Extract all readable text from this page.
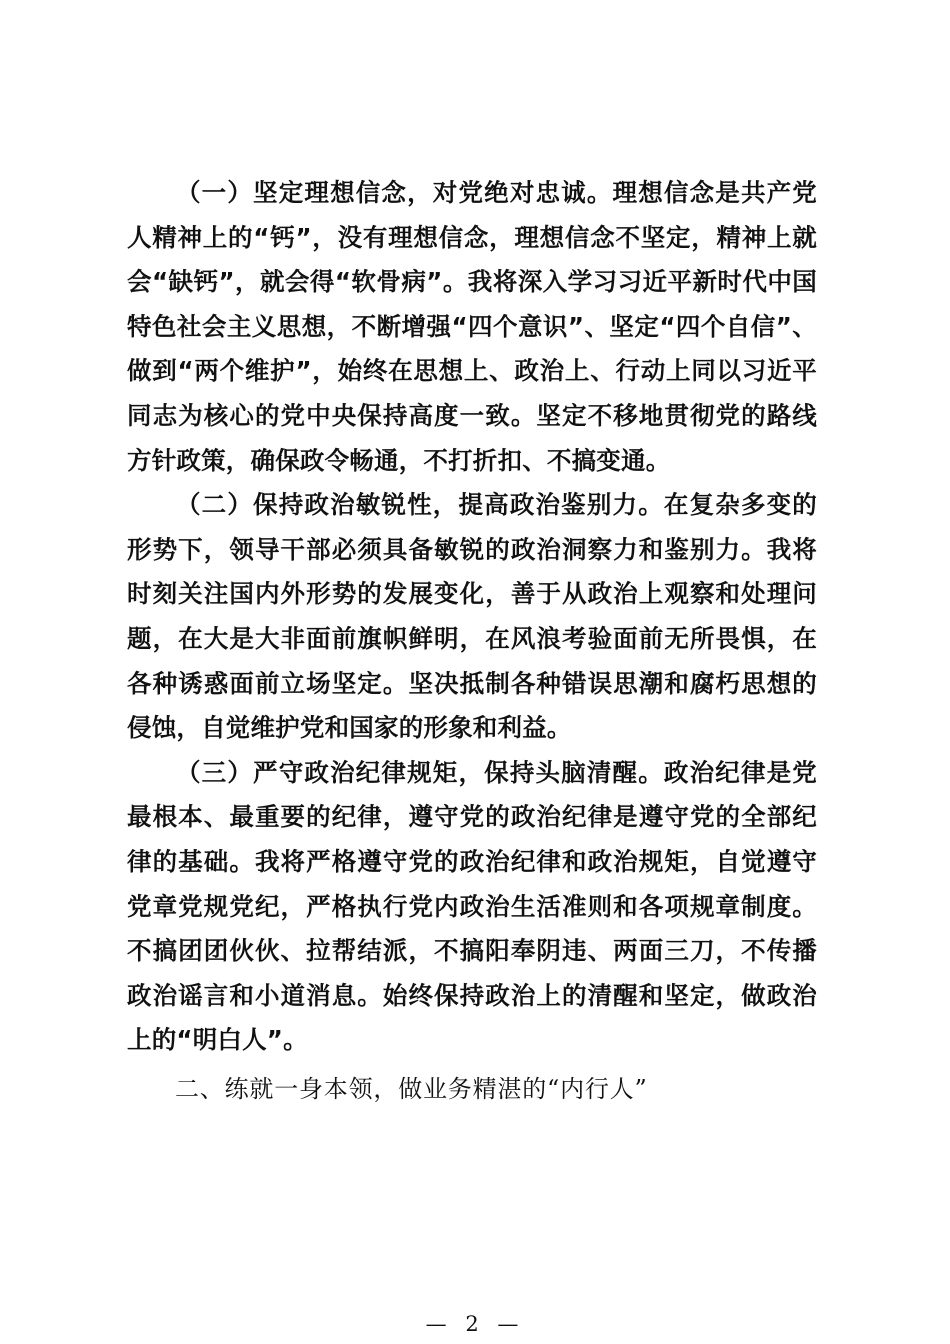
（一）坚定理想信念，对党绝对忠诚。理想信念是共产党人精神上的“钙”，没有理想信念，理想信念不坚定，精神上就会“缺钙”，就会得“软骨病”。我将深入学习习近平新时代中国特色社会主义思想，不断增强“四个意识”、坚定“四个自信”、做到“两个维护”，始终在思想上、政治上、行动上同以习近平同志为核心的党中央保持高度一致。坚定不移地贯彻党的路线方针政策，确保政令畅通，不打折扣、不搞变通。

（二）保持政治敏锐性，提高政治鉴别力。在复杂多变的形势下，领导干部必须具备敏锐的政治洞察力和鉴别力。我将时刻关注国内外形势的发展变化，善于从政治上观察和处理问题，在大是大非面前旗帜鲜明，在风浪考验面前无所畏惧，在各种诱惑面前立场坚定。坚决抵制各种错误思潮和腐朽思想的侵蚀，自觉维护党和国家的形象和利益。

（三）严守政治纪律规矩，保持头脑清醒。政治纪律是党最根本、最重要的纪律，遵守党的政治纪律是遵守党的全部纪律的基础。我将严格遵守党的政治纪律和政治规矩，自觉遵守党章党规党纪，严格执行党内政治生活准则和各项规章制度。不搞团团伙伙、拉帮结派，不搞阳奉阴违、两面三刀，不传播政治谣言和小道消息。始终保持政治上的清醒和坚定，做政治上的“明白人”。

二、练就一身本领，做业务精湛的“内行人”

— 2 —
